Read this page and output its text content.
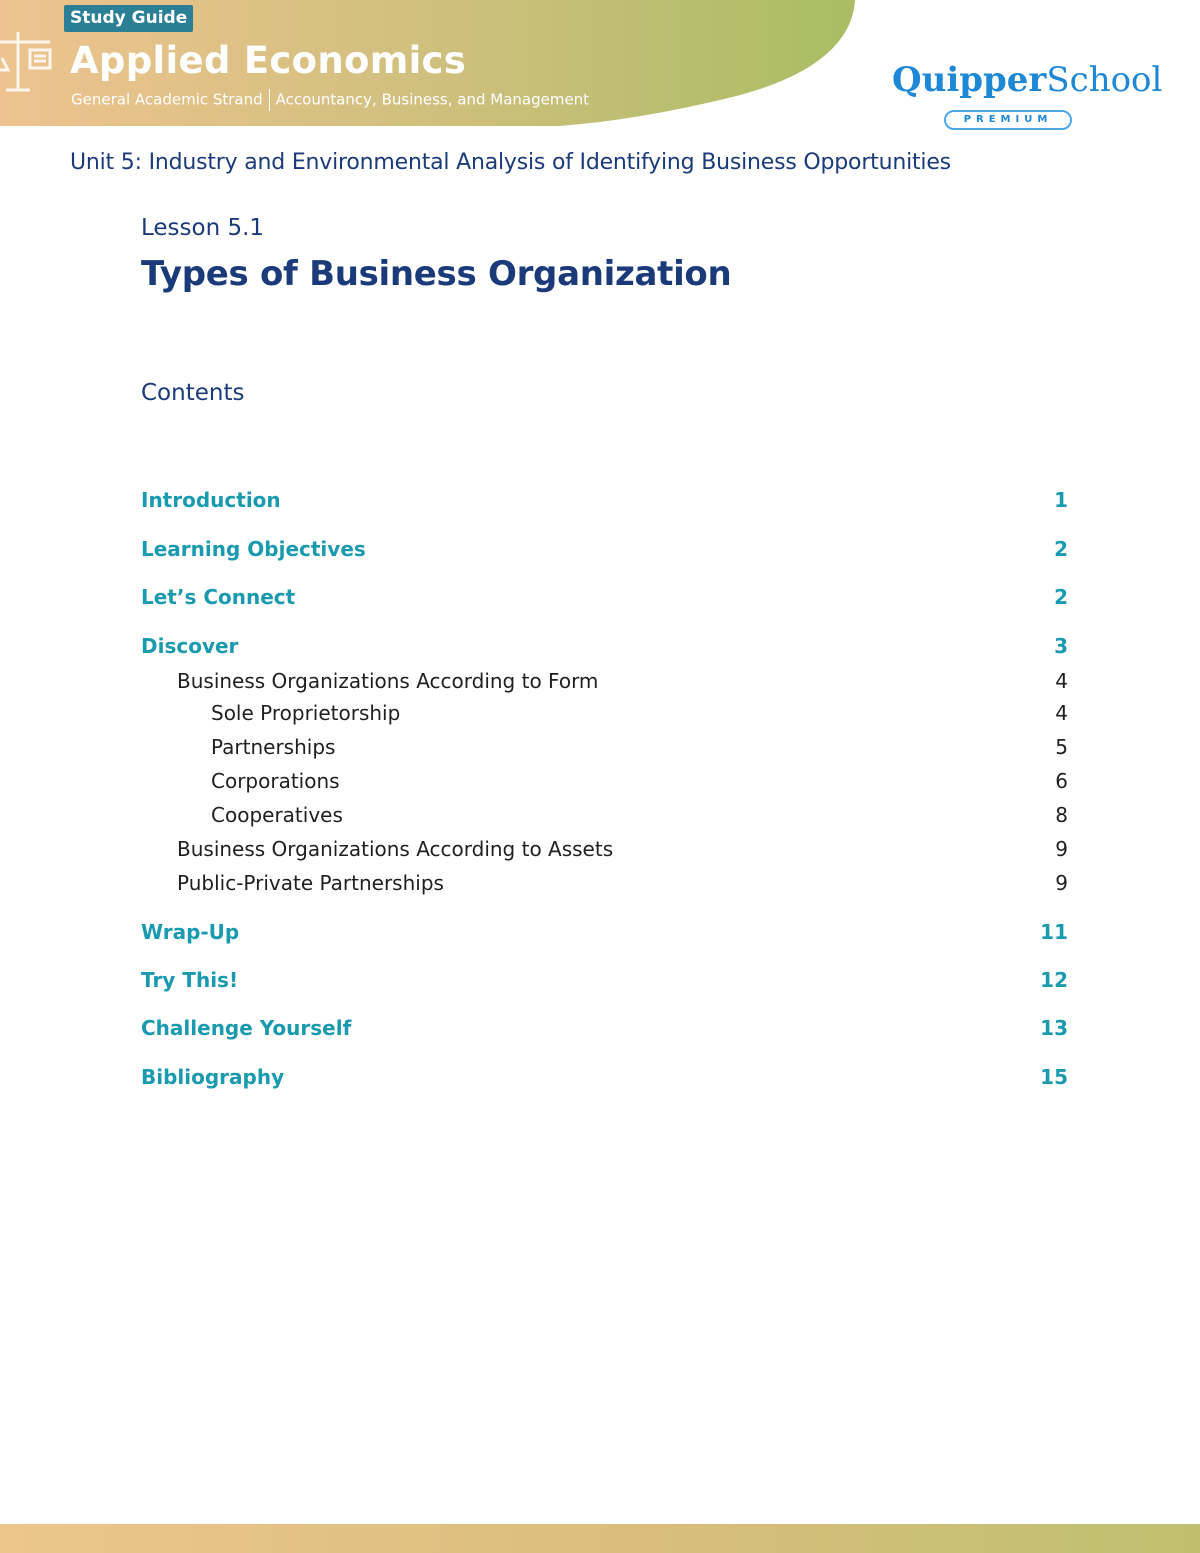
Study Guide
Applied Economics
General Academic Strand Accountancy, Business, and Management	QuipperSchool
PREMIUM
Unit 5: Industry and Environmental Analysis of Identifying Business Opportunities
Lesson 5.1
Types of Business Organization
Contents
Introduction	1
Learning Objectives	2
Let’s Connect	2
Discover	3
Business Organizations According to Form	4
Sole Proprietorship	4
Partnerships	5
Corporations	6
Cooperatives	8
Business Organizations According to Assets	9
Public-Private Partnerships	9
Wrap-Up	11
Try This!	12
Challenge Yourself	13
Bibliography	15
